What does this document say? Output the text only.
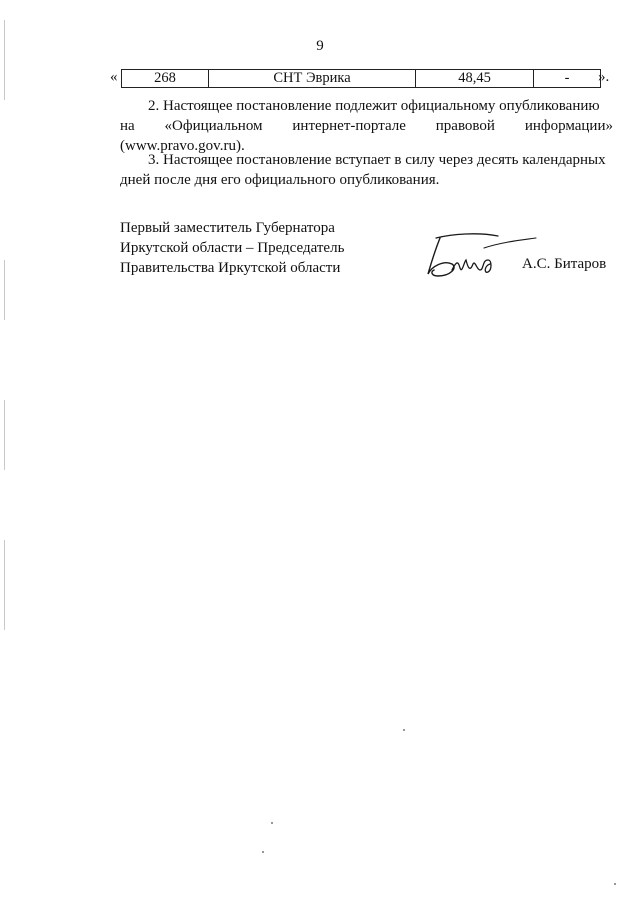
9
«	268	СНТ Эврика	48,45	- ».
2. Настоящее постановление подлежит официальному опубликованию
на «Официальном интернет-портале правовой информации»
(www.pravo.gov.ru).
3. Настоящее постановление вступает в силу через десять календарных
дней после дня его официального опубликования.
Первый заместитель Губернатора
Иркутской области – Председатель
Правительства Иркутской области	А.С. Битаров
